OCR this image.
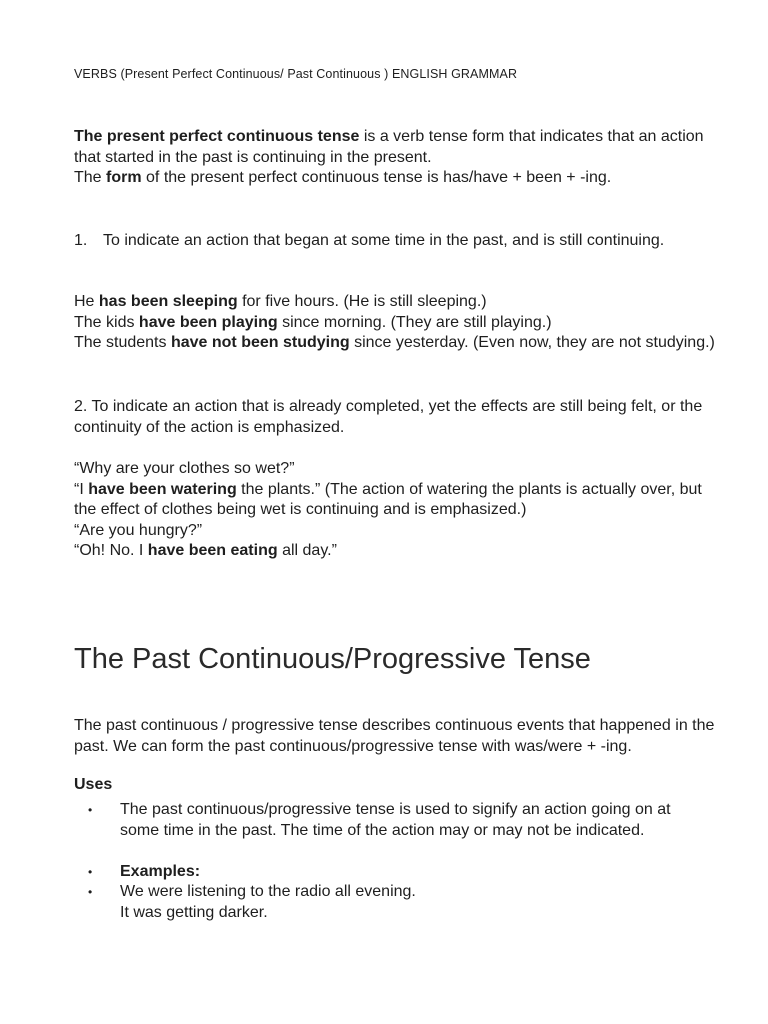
VERBS (Present Perfect Continuous/ Past Continuous ) ENGLISH GRAMMAR

The present perfect continuous tense is a verb tense form that indicates that an action that started in the past is continuing in the present.
The form of the present perfect continuous tense is has/have + been + -ing.

1. To indicate an action that began at some time in the past, and is still continuing.

He has been sleeping for five hours. (He is still sleeping.)
The kids have been playing since morning. (They are still playing.)
The students have not been studying since yesterday. (Even now, they are not studying.)

2. To indicate an action that is already completed, yet the effects are still being felt, or the continuity of the action is emphasized.

“Why are your clothes so wet?”
“I have been watering the plants.” (The action of watering the plants is actually over, but the effect of clothes being wet is continuing and is emphasized.)
“Are you hungry?”
“Oh! No. I have been eating all day.”

The Past Continuous/Progressive Tense

The past continuous / progressive tense describes continuous events that happened in the past. We can form the past continuous/progressive tense with was/were + -ing.

Uses
• The past continuous/progressive tense is used to signify an action going on at some time in the past. The time of the action may or may not be indicated.
• Examples:
• We were listening to the radio all evening.
It was getting darker.
